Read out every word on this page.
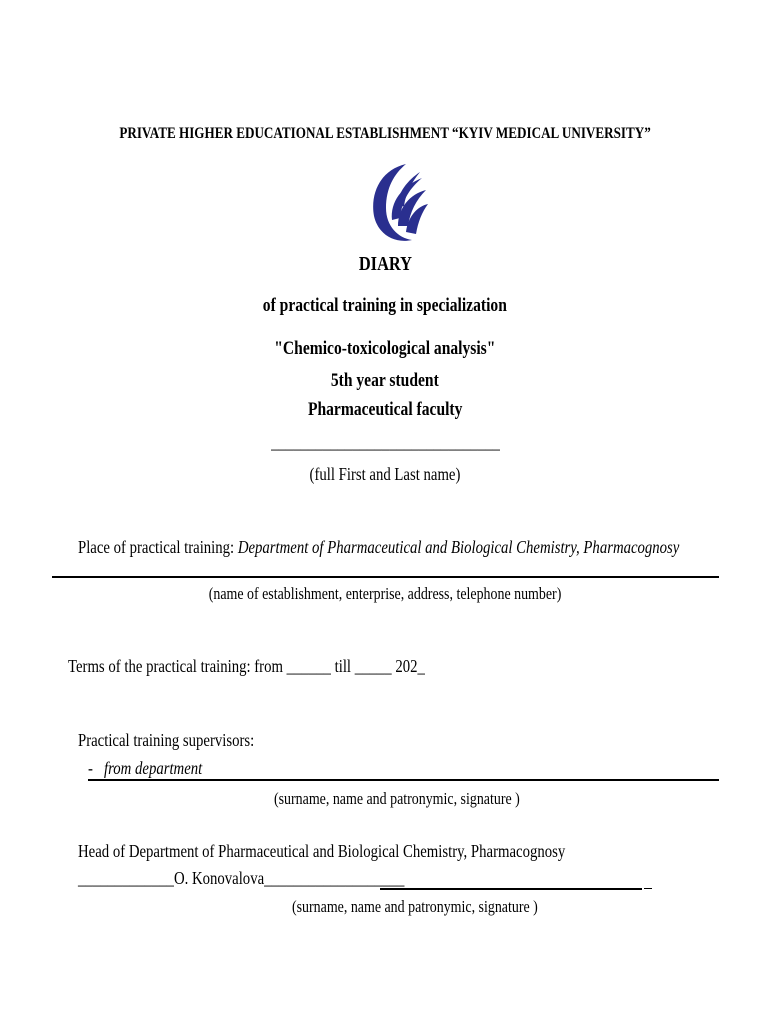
PRIVATE HIGHER EDUCATIONAL ESTABLISHMENT “KYIV MEDICAL UNIVERSITY”
DIARY
of practical training in specialization
"Chemico-toxicological analysis"
5th year student
Pharmaceutical faculty
_______________________________
(full First and Last name)
Place of practical training: Department of Pharmaceutical and Biological Chemistry, Pharmacognosy
(name of establishment, enterprise, address, telephone number)
Terms of the practical training: from ______ till _____ 202_
Practical training supervisors:
- from department
(surname, name and patronymic, signature )
Head of Department of Pharmaceutical and Biological Chemistry, Pharmacognosy
_____________O. Konovalova___________________
(surname, name and patronymic, signature )
